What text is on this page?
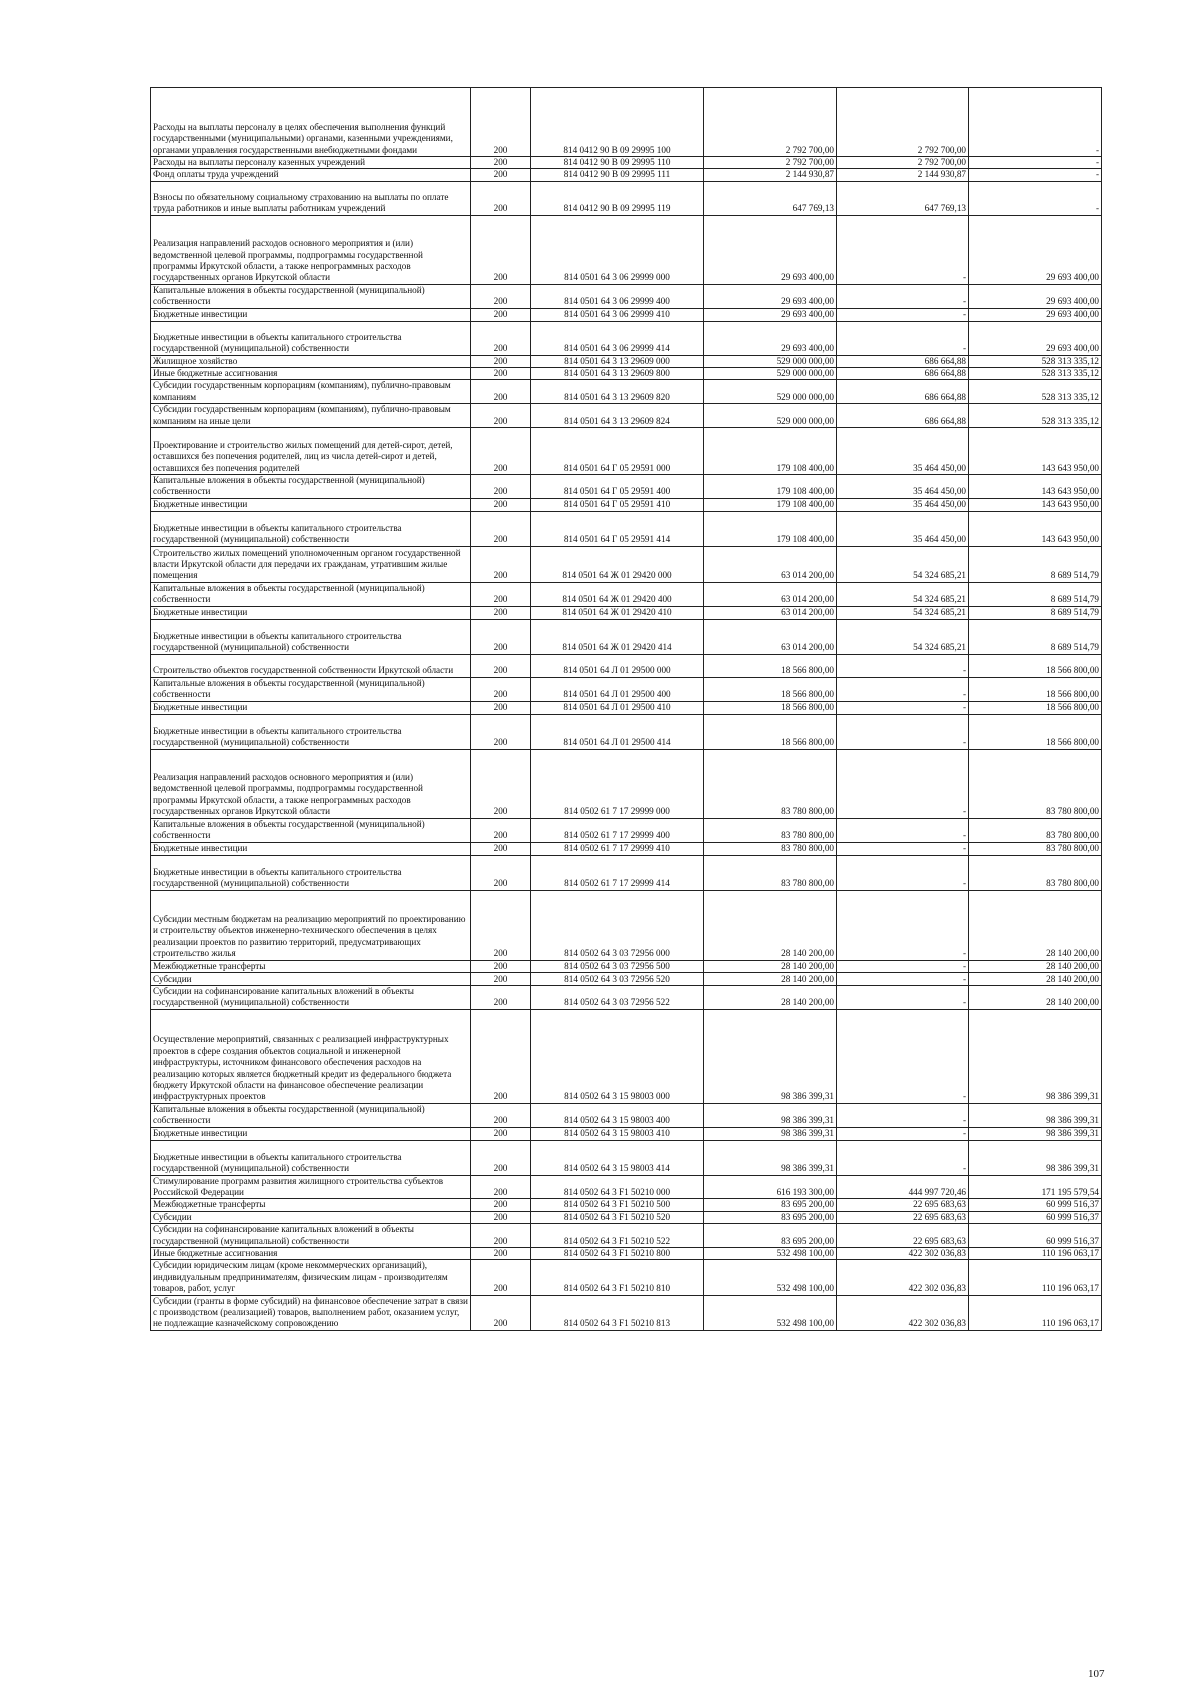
Расходы на выплаты персоналу в целях обеспечения выполнения функций государственными (муниципальными) органами, казенными учреждениями, органами управления государственными внебюджетными фондами	200	814 0412 90 В 09 29995 100	2 792 700,00	2 792 700,00	-
Расходы на выплаты персоналу казенных учреждений	200	814 0412 90 В 09 29995 110	2 792 700,00	2 792 700,00	-
Фонд оплаты труда учреждений	200	814 0412 90 В 09 29995 111	2 144 930,87	2 144 930,87	-
Взносы по обязательному социальному страхованию на выплаты по оплате труда работников и иные выплаты работникам учреждений	200	814 0412 90 В 09 29995 119	647 769,13	647 769,13	-
Реализация направлений расходов основного мероприятия и (или) ведомственной целевой программы, подпрограммы государственной программы Иркутской области, а также непрограммных расходов государственных органов Иркутской области	200	814 0501 64 3 06 29999 000	29 693 400,00	-	29 693 400,00
Капитальные вложения в объекты государственной (муниципальной) собственности	200	814 0501 64 3 06 29999 400	29 693 400,00	-	29 693 400,00
Бюджетные инвестиции	200	814 0501 64 3 06 29999 410	29 693 400,00	-	29 693 400,00
Бюджетные инвестиции в объекты капитального строительства государственной (муниципальной) собственности	200	814 0501 64 3 06 29999 414	29 693 400,00	-	29 693 400,00
Жилищное хозяйство	200	814 0501 64 3 13 29609 000	529 000 000,00	686 664,88	528 313 335,12
Иные бюджетные ассигнования	200	814 0501 64 3 13 29609 800	529 000 000,00	686 664,88	528 313 335,12
Субсидии государственным корпорациям (компаниям), публично-правовым компаниям	200	814 0501 64 3 13 29609 820	529 000 000,00	686 664,88	528 313 335,12
Субсидии государственным корпорациям (компаниям), публично-правовым компаниям на иные цели	200	814 0501 64 3 13 29609 824	529 000 000,00	686 664,88	528 313 335,12
Проектирование и строительство жилых помещений для детей-сирот, детей, оставшихся без попечения родителей, лиц из числа детей-сирот и детей, оставшихся без попечения родителей	200	814 0501 64 Г 05 29591 000	179 108 400,00	35 464 450,00	143 643 950,00
Капитальные вложения в объекты государственной (муниципальной) собственности	200	814 0501 64 Г 05 29591 400	179 108 400,00	35 464 450,00	143 643 950,00
Бюджетные инвестиции	200	814 0501 64 Г 05 29591 410	179 108 400,00	35 464 450,00	143 643 950,00
Бюджетные инвестиции в объекты капитального строительства государственной (муниципальной) собственности	200	814 0501 64 Г 05 29591 414	179 108 400,00	35 464 450,00	143 643 950,00
Строительство жилых помещений уполномоченным органом государственной власти Иркутской области для передачи их гражданам, утратившим жилые помещения	200	814 0501 64 Ж 01 29420 000	63 014 200,00	54 324 685,21	8 689 514,79
Капитальные вложения в объекты государственной (муниципальной) собственности	200	814 0501 64 Ж 01 29420 400	63 014 200,00	54 324 685,21	8 689 514,79
Бюджетные инвестиции	200	814 0501 64 Ж 01 29420 410	63 014 200,00	54 324 685,21	8 689 514,79
Бюджетные инвестиции в объекты капитального строительства государственной (муниципальной) собственности	200	814 0501 64 Ж 01 29420 414	63 014 200,00	54 324 685,21	8 689 514,79
Строительство объектов государственной собственности Иркутской области	200	814 0501 64 Л 01 29500 000	18 566 800,00	-	18 566 800,00
Капитальные вложения в объекты государственной (муниципальной) собственности	200	814 0501 64 Л 01 29500 400	18 566 800,00	-	18 566 800,00
Бюджетные инвестиции	200	814 0501 64 Л 01 29500 410	18 566 800,00	-	18 566 800,00
Бюджетные инвестиции в объекты капитального строительства государственной (муниципальной) собственности	200	814 0501 64 Л 01 29500 414	18 566 800,00	-	18 566 800,00
Реализация направлений расходов основного мероприятия и (или) ведомственной целевой программы, подпрограммы государственной программы Иркутской области, а также непрограммных расходов государственных органов Иркутской области	200	814 0502 61 7 17 29999 000	83 780 800,00	-	83 780 800,00
Капитальные вложения в объекты государственной (муниципальной) собственности	200	814 0502 61 7 17 29999 400	83 780 800,00	-	83 780 800,00
Бюджетные инвестиции	200	814 0502 61 7 17 29999 410	83 780 800,00	-	83 780 800,00
Бюджетные инвестиции в объекты капитального строительства государственной (муниципальной) собственности	200	814 0502 61 7 17 29999 414	83 780 800,00	-	83 780 800,00
Субсидии местным бюджетам на реализацию мероприятий по проектированию и строительству объектов инженерно-технического обеспечения в целях реализации проектов по развитию территорий, предусматривающих строительство жилья	200	814 0502 64 3 03 72956 000	28 140 200,00	-	28 140 200,00
Межбюджетные трансферты	200	814 0502 64 3 03 72956 500	28 140 200,00	-	28 140 200,00
Субсидии	200	814 0502 64 3 03 72956 520	28 140 200,00	-	28 140 200,00
Субсидии на софинансирование капитальных вложений в объекты государственной (муниципальной) собственности	200	814 0502 64 3 03 72956 522	28 140 200,00	-	28 140 200,00
Осуществление мероприятий, связанных с реализацией инфраструктурных проектов в сфере создания объектов социальной и инженерной инфраструктуры, источником финансового обеспечения расходов на реализацию которых является бюджетный кредит из федерального бюджета бюджету Иркутской области на финансовое обеспечение реализации инфраструктурных проектов	200	814 0502 64 3 15 98003 000	98 386 399,31	-	98 386 399,31
Капитальные вложения в объекты государственной (муниципальной) собственности	200	814 0502 64 3 15 98003 400	98 386 399,31	-	98 386 399,31
Бюджетные инвестиции	200	814 0502 64 3 15 98003 410	98 386 399,31	-	98 386 399,31
Бюджетные инвестиции в объекты капитального строительства государственной (муниципальной) собственности	200	814 0502 64 3 15 98003 414	98 386 399,31	-	98 386 399,31
Стимулирование программ развития жилищного строительства субъектов Российской Федерации	200	814 0502 64 3 F1 50210 000	616 193 300,00	444 997 720,46	171 195 579,54
Межбюджетные трансферты	200	814 0502 64 3 F1 50210 500	83 695 200,00	22 695 683,63	60 999 516,37
Субсидии	200	814 0502 64 3 F1 50210 520	83 695 200,00	22 695 683,63	60 999 516,37
Субсидии на софинансирование капитальных вложений в объекты государственной (муниципальной) собственности	200	814 0502 64 3 F1 50210 522	83 695 200,00	22 695 683,63	60 999 516,37
Иные бюджетные ассигнования	200	814 0502 64 3 F1 50210 800	532 498 100,00	422 302 036,83	110 196 063,17
Субсидии юридическим лицам (кроме некоммерческих организаций), индивидуальным предпринимателям, физическим лицам - производителям товаров, работ, услуг	200	814 0502 64 3 F1 50210 810	532 498 100,00	422 302 036,83	110 196 063,17
Субсидии (гранты в форме субсидий) на финансовое обеспечение затрат в связи с производством (реализацией) товаров, выполнением работ, оказанием услуг, не подлежащие казначейскому сопровождению	200	814 0502 64 3 F1 50210 813	532 498 100,00	422 302 036,83	110 196 063,17
107
